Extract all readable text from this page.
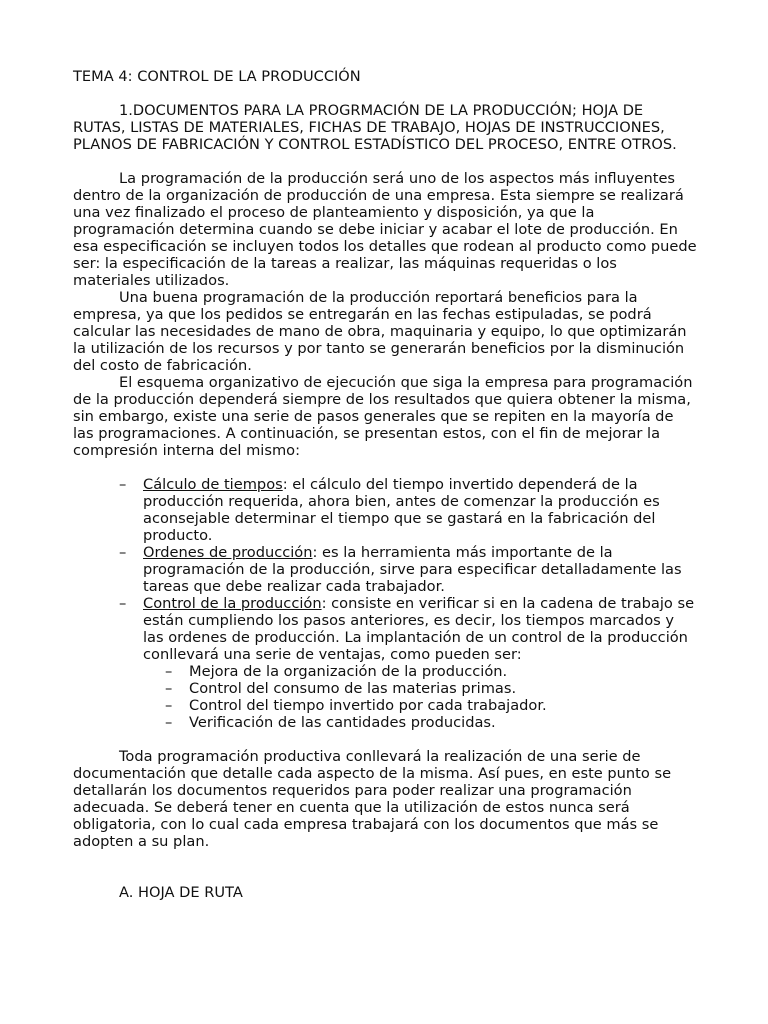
TEMA 4: CONTROL DE LA PRODUCCIÓN

1.DOCUMENTOS PARA LA PROGRMACIÓN DE LA PRODUCCIÓN; HOJA DE RUTAS, LISTAS DE MATERIALES, FICHAS DE TRABAJO, HOJAS DE INSTRUCCIONES, PLANOS DE FABRICACIÓN Y CONTROL ESTADÍSTICO DEL PROCESO, ENTRE OTROS.

La programación de la producción será uno de los aspectos más influyentes dentro de la organización de producción de una empresa. Esta siempre se realizará una vez finalizado el proceso de planteamiento y disposición, ya que la programación determina cuando se debe iniciar y acabar el lote de producción. En esa especificación se incluyen todos los detalles que rodean al producto como puede ser: la especificación de la tareas a realizar, las máquinas requeridas o los materiales utilizados.

Una buena programación de la producción reportará beneficios para la empresa, ya que los pedidos se entregarán en las fechas estipuladas, se podrá calcular las necesidades de mano de obra, maquinaria y equipo, lo que optimizarán la utilización de los recursos y por tanto se generarán beneficios por la disminución del costo de fabricación.

El esquema organizativo de ejecución que siga la empresa para programación de la producción dependerá siempre de los resultados que quiera obtener la misma, sin embargo, existe una serie de pasos generales que se repiten en la mayoría de las programaciones. A continuación, se presentan estos, con el fin de mejorar la compresión interna del mismo:

– Cálculo de tiempos: el cálculo del tiempo invertido dependerá de la producción requerida, ahora bien, antes de comenzar la producción es aconsejable determinar el tiempo que se gastará en la fabricación del producto.
– Ordenes de producción: es la herramienta más importante de la programación de la producción, sirve para especificar detalladamente las tareas que debe realizar cada trabajador.
– Control de la producción: consiste en verificar si en la cadena de trabajo se están cumpliendo los pasos anteriores, es decir, los tiempos marcados y las ordenes de producción. La implantación de un control de la producción conllevará una serie de ventajas, como pueden ser:
– Mejora de la organización de la producción.
– Control del consumo de las materias primas.
– Control del tiempo invertido por cada trabajador.
– Verificación de las cantidades producidas.

Toda programación productiva conllevará la realización de una serie de documentación que detalle cada aspecto de la misma. Así pues, en este punto se detallarán los documentos requeridos para poder realizar una programación adecuada. Se deberá tener en cuenta que la utilización de estos nunca será obligatoria, con lo cual cada empresa trabajará con los documentos que más se adopten a su plan.

A. HOJA DE RUTA
